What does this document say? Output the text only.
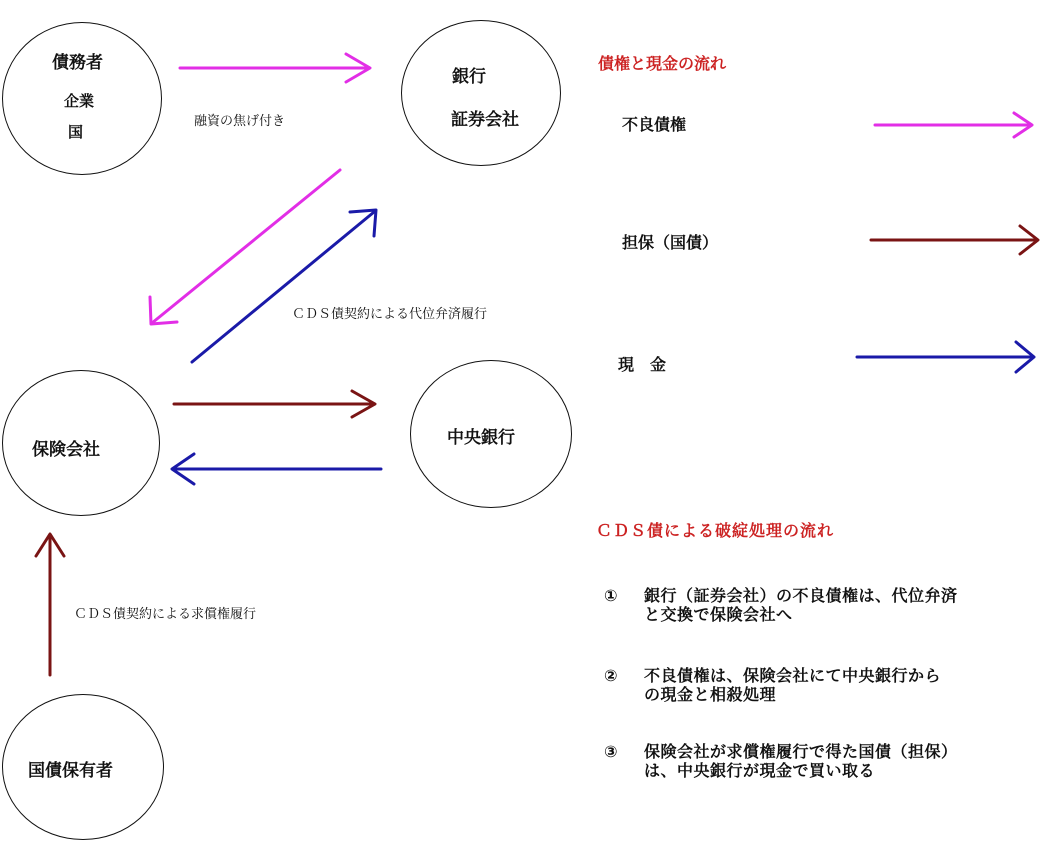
債務者
企業
国
銀行
証券会社
保険会社
中央銀行
国債保有者
融資の焦げ付き
ＣＤＳ債契約による代位弁済履行
ＣＤＳ債契約による求償権履行
債権と現金の流れ
不良債権
担保（国債）
現　金
ＣＤＳ債による破綻処理の流れ
①	銀行（証券会社）の不良債権は、代位弁済
と交換で保険会社へ
②	不良債権は、保険会社にて中央銀行から
の現金と相殺処理
③	保険会社が求償権履行で得た国債（担保）
は、中央銀行が現金で買い取る
